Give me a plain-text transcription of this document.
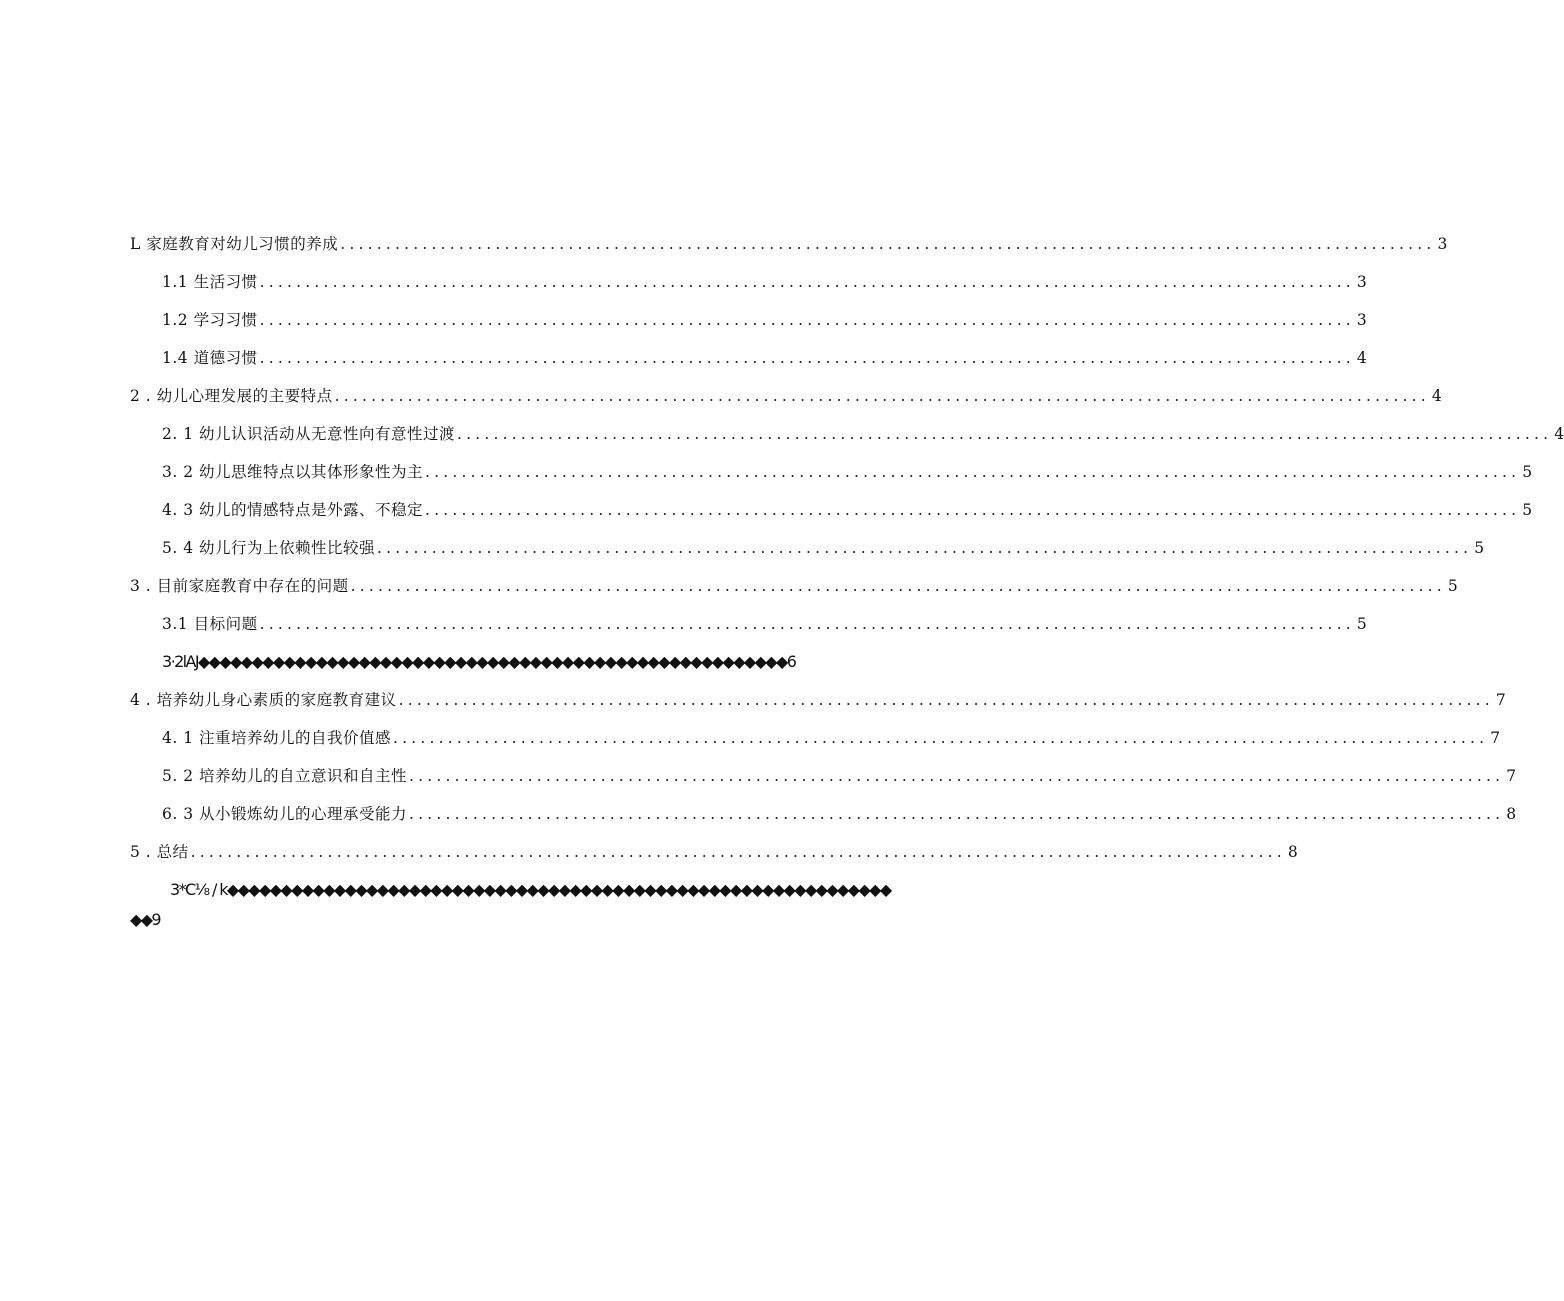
L 家庭教育对幼儿习惯的养成 ........................................................................................................................ 3
1.1 生活习惯 ........................................................................................................................ 3
1.2 学习习惯 ........................................................................................................................ 3
1.4 道德习惯 ........................................................................................................................ 4
2 . 幼儿心理发展的主要特点 ........................................................................................................................ 4
2. 1 幼儿认识活动从无意性向有意性过渡 ........................................................................................................................ 4
3. 2 幼儿思维特点以其体形象性为主 ........................................................................................................................ 5
4. 3 幼儿的情感特点是外露、不稳定 ........................................................................................................................ 5
5. 4 幼儿行为上依赖性比较强 ........................................................................................................................ 5
3 . 目前家庭教育中存在的问题 ........................................................................................................................ 5
3.1 目标问题 ........................................................................................................................ 5
3·2lAJ◆◆◆◆◆◆◆◆◆◆◆◆◆◆◆◆◆◆◆◆◆◆◆◆◆◆◆◆◆◆◆◆◆◆◆◆◆◆◆◆◆◆◆◆◆◆◆◆◆◆◆◆◆◆◆6
4 . 培养幼儿身心素质的家庭教育建议 ........................................................................................................................ 7
4. 1 注重培养幼儿的自我价值感 ........................................................................................................................ 7
5. 2 培养幼儿的自立意识和自主性 ........................................................................................................................ 7
6. 3 从小锻炼幼儿的心理承受能力 ........................................................................................................................ 8
5 . 总结 ........................................................................................................................ 8
3*C⅛ / k◆◆◆◆◆◆◆◆◆◆◆◆◆◆◆◆◆◆◆◆◆◆◆◆◆◆◆◆◆◆◆◆◆◆◆◆◆◆◆◆◆◆◆◆◆◆◆◆◆◆◆◆◆◆◆◆◆◆◆◆◆◆
◆◆9
